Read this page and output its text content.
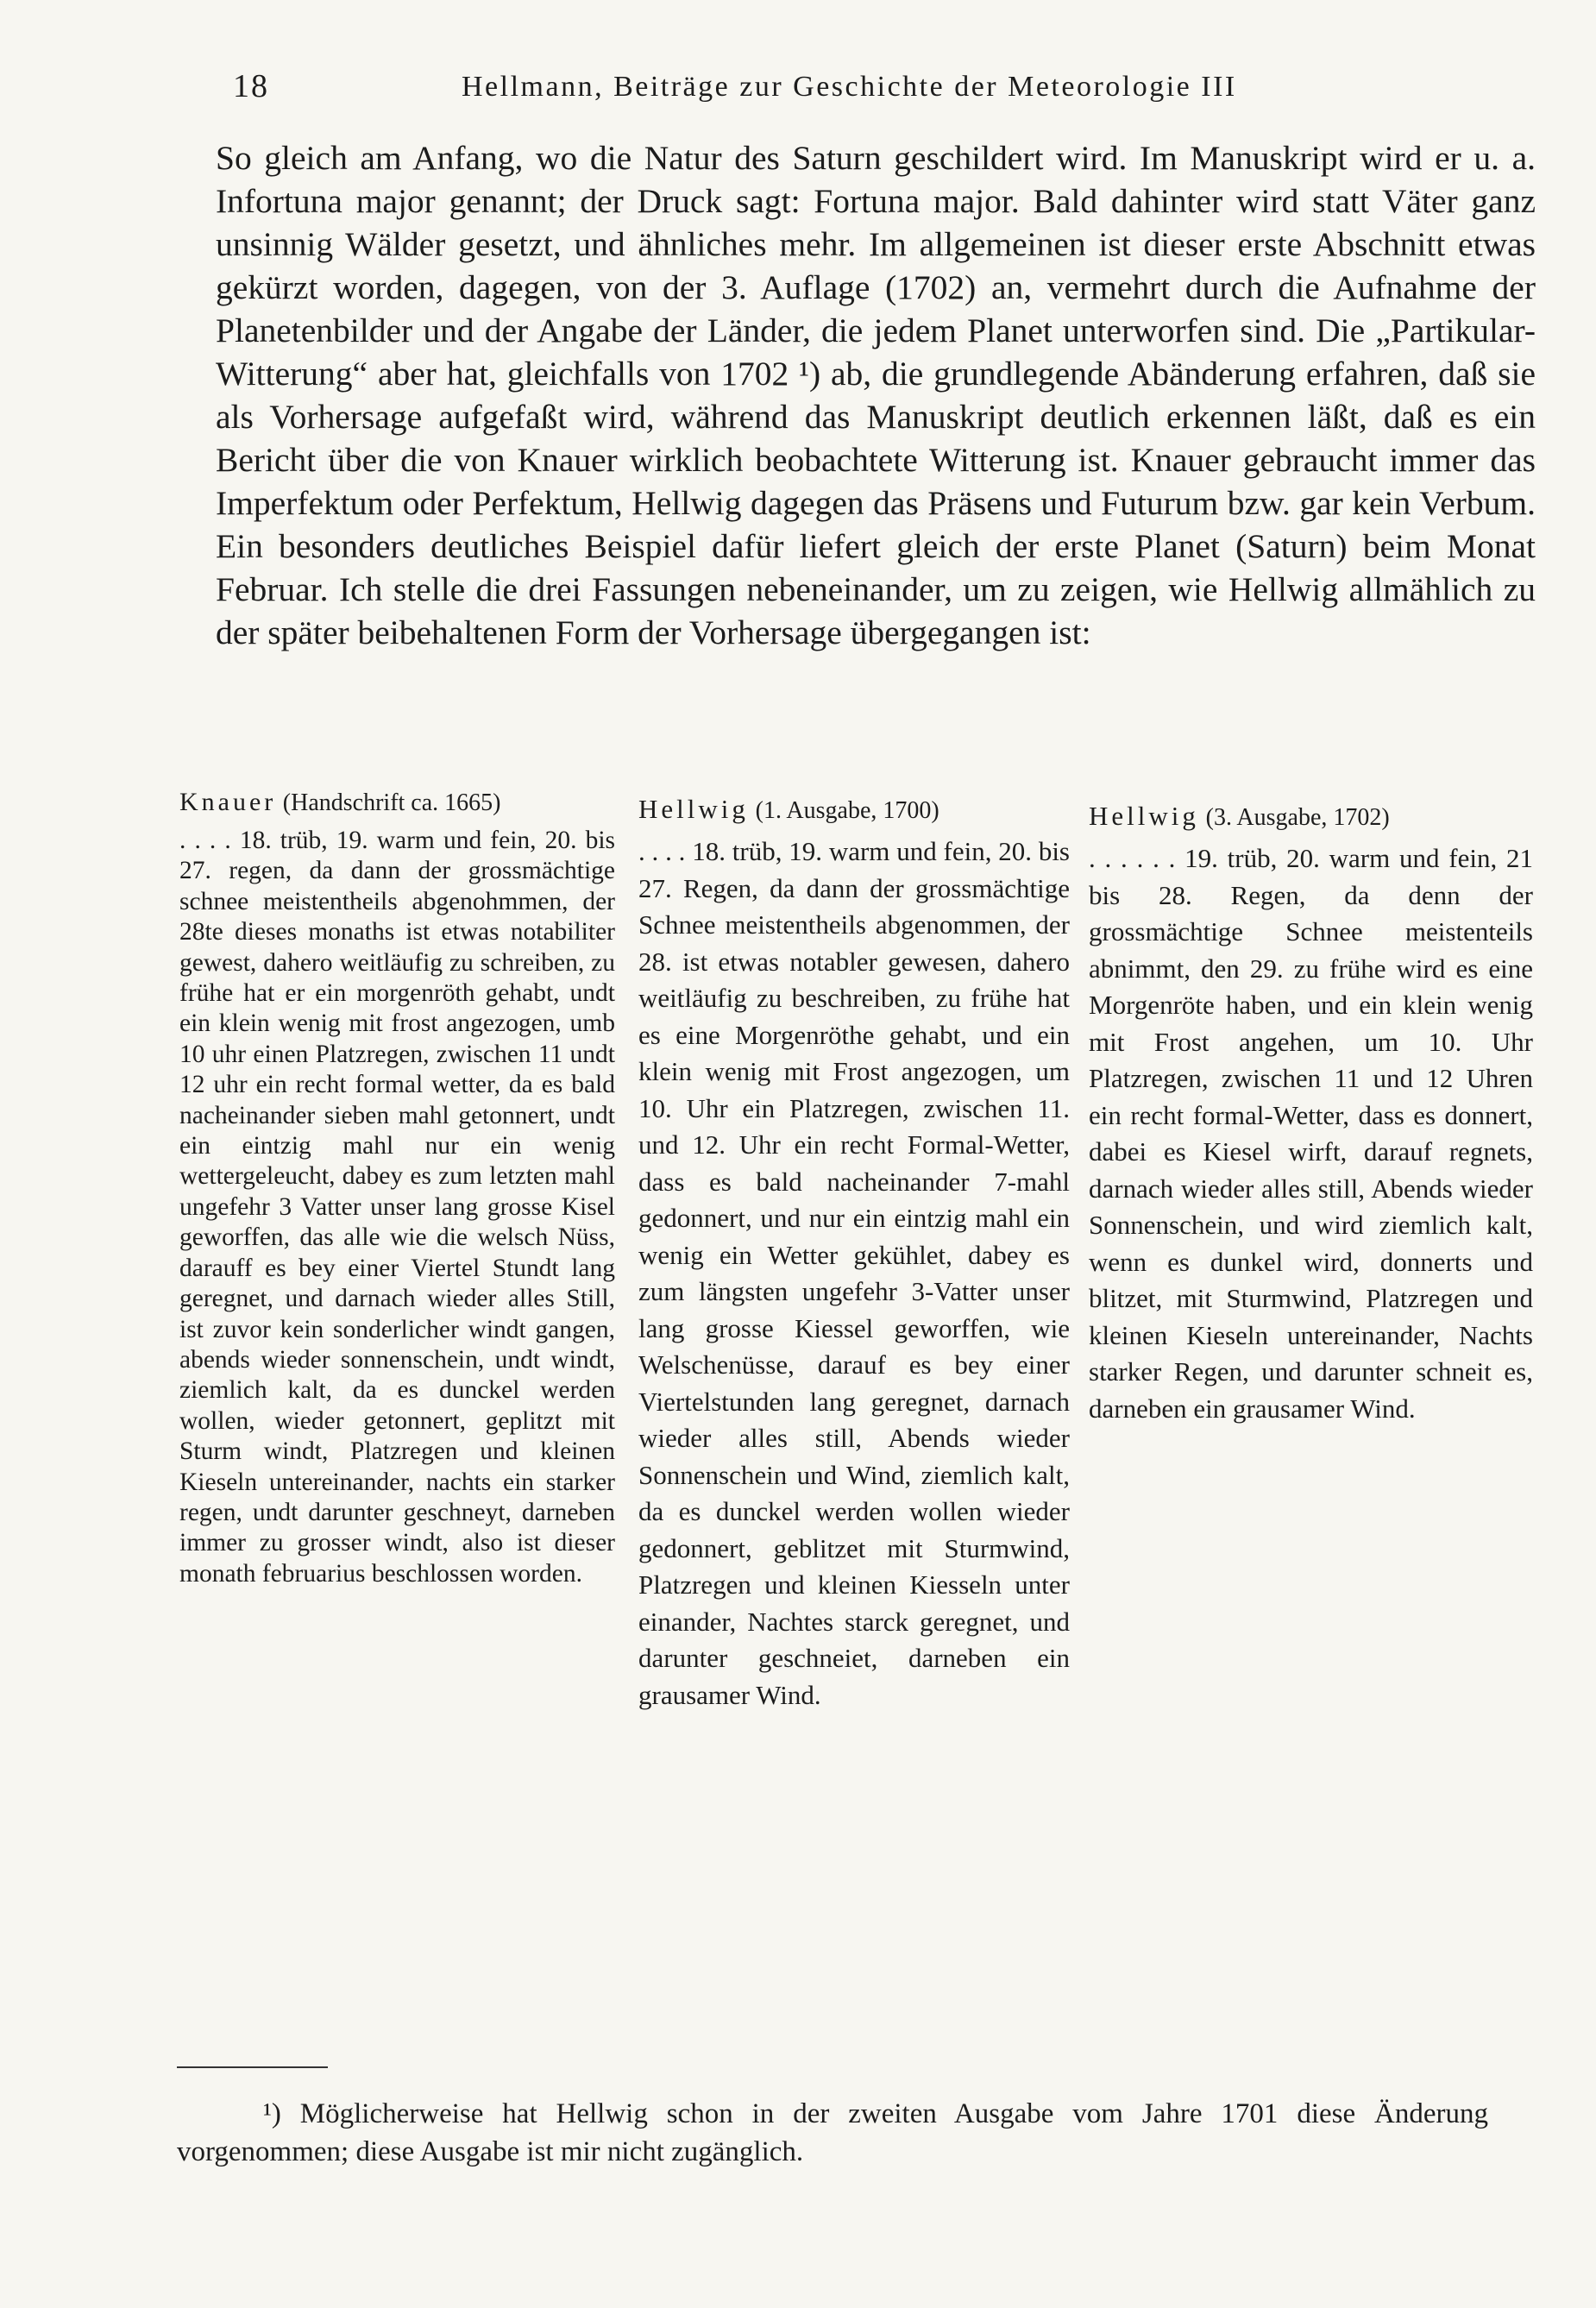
18	Hellmann, Beiträge zur Geschichte der Meteorologie III

So gleich am Anfang, wo die Natur des Saturn geschildert wird. Im Manuskript wird er u. a. Infortuna major genannt; der Druck sagt: Fortuna major. Bald dahinter wird statt Väter ganz unsinnig Wälder gesetzt, und ähnliches mehr. Im allgemeinen ist dieser erste Abschnitt etwas gekürzt worden, dagegen, von der 3. Auflage (1702) an, vermehrt durch die Aufnahme der Planetenbilder und der Angabe der Länder, die jedem Planet unterworfen sind. Die „Partikular-Witterung“ aber hat, gleichfalls von 1702 ¹) ab, die grundlegende Abänderung erfahren, daß sie als Vorhersage aufgefaßt wird, während das Manuskript deutlich erkennen läßt, daß es ein Bericht über die von Knauer wirklich beobachtete Witterung ist. Knauer gebraucht immer das Imperfektum oder Perfektum, Hellwig dagegen das Präsens und Futurum bzw. gar kein Verbum. Ein besonders deutliches Beispiel dafür liefert gleich der erste Planet (Saturn) beim Monat Februar. Ich stelle die drei Fassungen nebeneinander, um zu zeigen, wie Hellwig allmählich zu der später beibehaltenen Form der Vorhersage übergegangen ist:

Knauer (Handschrift ca. 1665)

. . . . 18. trüb, 19. warm und fein, 20. bis 27. regen, da dann der grossmächtige schnee meistentheils abgenohmmen, der 28te dieses monaths ist etwas notabiliter gewest, dahero weitläufig zu schreiben, zu frühe hat er ein morgenröth gehabt, undt ein klein wenig mit frost angezogen, umb 10 uhr einen Platzregen, zwischen 11 undt 12 uhr ein recht formal wetter, da es bald nacheinander sieben mahl getonnert, undt ein eintzig mahl nur ein wenig wettergeleucht, dabey es zum letzten mahl ungefehr 3 Vatter unser lang grosse Kisel geworffen, das alle wie die welsch Nüss, darauff es bey einer Viertel Stundt lang geregnet, und darnach wieder alles Still, ist zuvor kein sonderlicher windt gangen, abends wieder sonnenschein, undt windt, ziemlich kalt, da es dunckel werden wollen, wieder getonnert, geplitzt mit Sturm windt, Platzregen und kleinen Kieseln untereinander, nachts ein starker regen, undt darunter geschneyt, darneben immer zu grosser windt, also ist dieser monath februarius beschlossen worden.

Hellwig (1. Ausgabe, 1700)

. . . . 18. trüb, 19. warm und fein, 20. bis 27. Regen, da dann der grossmächtige Schnee meistentheils abgenommen, der 28. ist etwas notabler gewesen, dahero weitläufig zu beschreiben, zu frühe hat es eine Morgenröthe gehabt, und ein klein wenig mit Frost angezogen, um 10. Uhr ein Platzregen, zwischen 11. und 12. Uhr ein recht Formal-Wetter, dass es bald nacheinander 7-mahl gedonnert, und nur ein eintzig mahl ein wenig ein Wetter gekühlet, dabey es zum längsten ungefehr 3-Vatter unser lang grosse Kiessel geworffen, wie Welschenüsse, darauf es bey einer Viertelstunden lang geregnet, darnach wieder alles still, Abends wieder Sonnenschein und Wind, ziemlich kalt, da es dunckel werden wollen wieder gedonnert, geblitzet mit Sturmwind, Platzregen und kleinen Kiesseln unter einander, Nachtes starck geregnet, und darunter geschneiet, darneben ein grausamer Wind.

Hellwig (3. Ausgabe, 1702)

. . . . . . 19. trüb, 20. warm und fein, 21 bis 28. Regen, da denn der grossmächtige Schnee meistenteils abnimmt, den 29. zu frühe wird es eine Morgenröte haben, und ein klein wenig mit Frost angehen, um 10. Uhr Platzregen, zwischen 11 und 12 Uhren ein recht formal-Wetter, dass es donnert, dabei es Kiesel wirft, darauf regnets, darnach wieder alles still, Abends wieder Sonnenschein, und wird ziemlich kalt, wenn es dunkel wird, donnerts und blitzet, mit Sturmwind, Platzregen und kleinen Kieseln untereinander, Nachts starker Regen, und darunter schneit es, darneben ein grausamer Wind.

¹) Möglicherweise hat Hellwig schon in der zweiten Ausgabe vom Jahre 1701 diese Änderung vorgenommen; diese Ausgabe ist mir nicht zugänglich.
